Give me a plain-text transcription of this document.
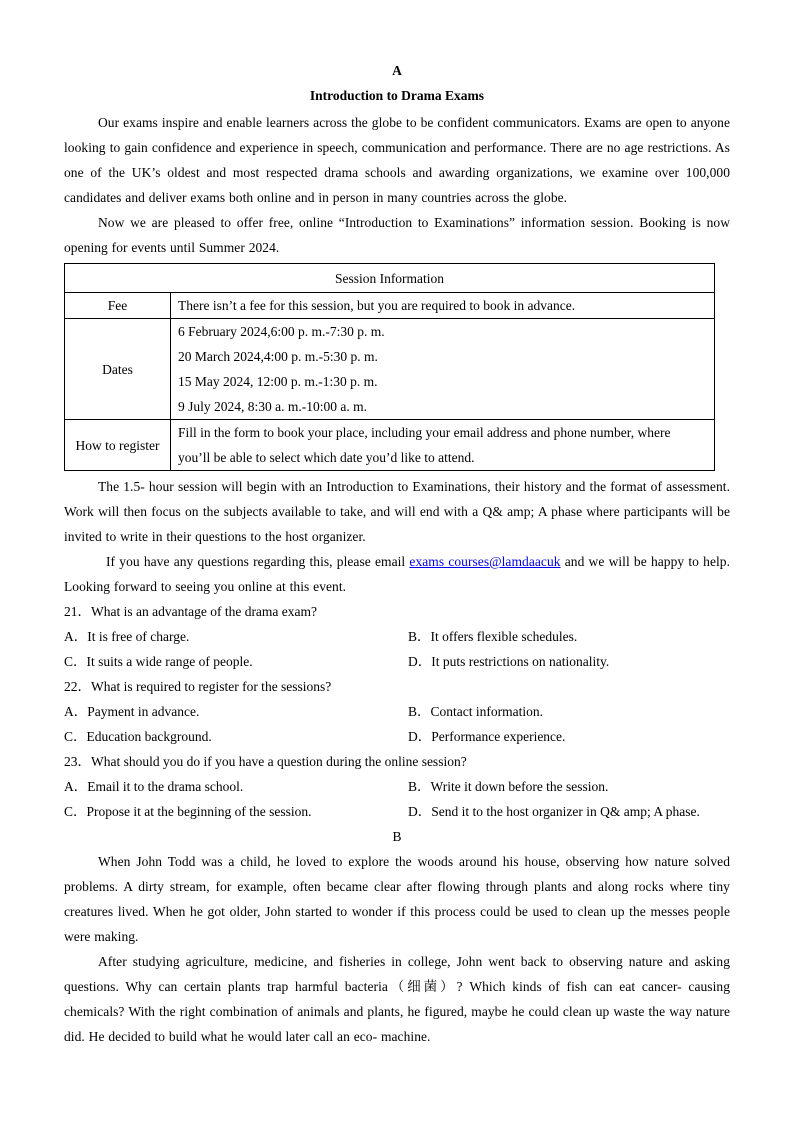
A
Introduction to Drama Exams

Our exams inspire and enable learners across the globe to be confident communicators. Exams are open to anyone looking to gain confidence and experience in speech, communication and performance. There are no age restrictions. As one of the UK’s oldest and most respected drama schools and awarding organizations, we examine over 100,000 candidates and deliver exams both online and in person in many countries across the globe.

Now we are pleased to offer free, online “Introduction to Examinations” information session. Booking is now opening for events until Summer 2024.

Session Information	
Fee	There isn’t a fee for this session, but you are required to book in advance.
Dates	6 February 2024,6:00 p. m.-7:30 p. m.
20 March 2024,4:00 p. m.-5:30 p. m.
15 May 2024, 12:00 p. m.-1:30 p. m.
9 July 2024, 8:30 a. m.-10:00 a. m.

How to register	Fill in the form to book your place, including your email address and phone number, where
you’ll be able to select which date you’d like to attend.

The 1.5- hour session will begin with an Introduction to Examinations, their history and the format of assessment. Work will then focus on the subjects available to take, and will end with a Q& amp; A phase where participants will be invited to write in their questions to the host organizer.

If you have any questions regarding this, please email exams courses@lamdaacuk and we will be happy to help. Looking forward to seeing you online at this event.

21．What is an advantage of the drama exam?

A．It is free of charge.	B．It offers flexible schedules.
C．It suits a wide range of people.	D．It puts restrictions on nationality.

22．What is required to register for the sessions?

A．Payment in advance.	B．Contact information.
C．Education background.	D．Performance experience.

23．What should you do if you have a question during the online session?

A．Email it to the drama school.	B．Write it down before the session.
C．Propose it at the beginning of the session.	D．Send it to the host organizer in Q& amp; A phase.
B

When John Todd was a child, he loved to explore the woods around his house, observing how nature solved problems. A dirty stream, for example, often became clear after flowing through plants and along rocks where tiny creatures lived. When he got older, John started to wonder if this process could be used to clean up the messes people were making.

After studying agriculture, medicine, and fisheries in college, John went back to observing nature and asking questions. Why can certain plants trap harmful bacteria（细菌）? Which kinds of fish can eat cancer- causing chemicals? With the right combination of animals and plants, he figured, maybe he could clean up waste the way nature did. He decided to build what he would later call an eco- machine.
